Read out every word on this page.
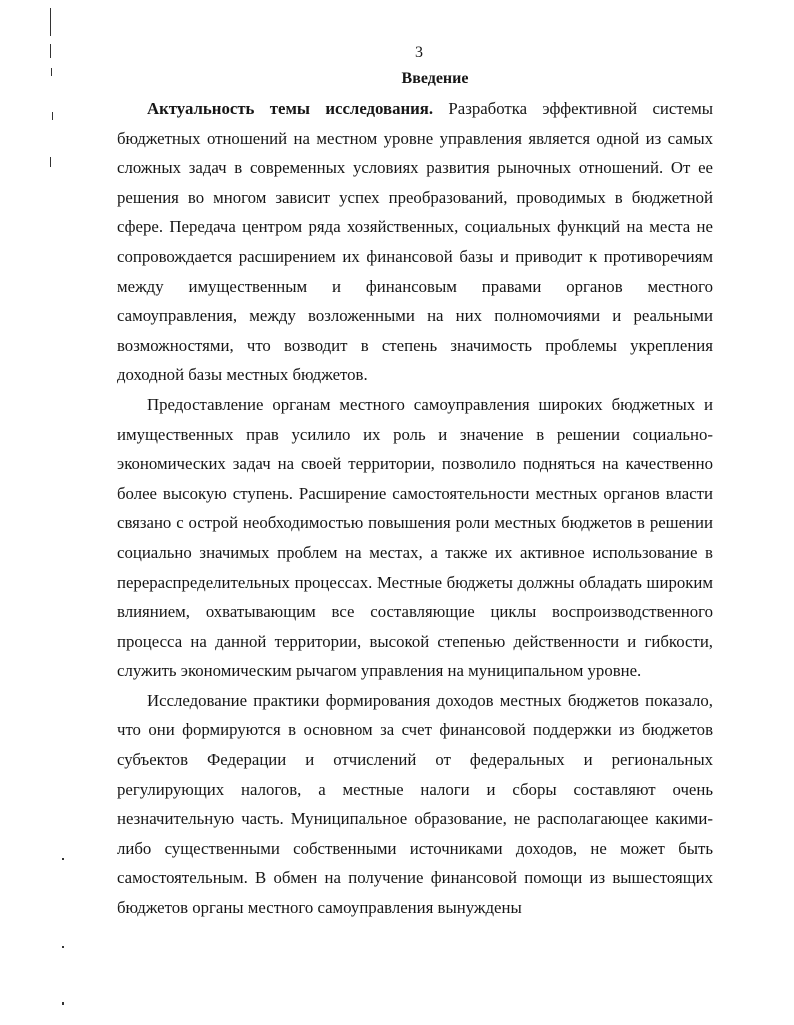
3
Введение

Актуальность темы исследования. Разработка эффективной системы бюджетных отношений на местном уровне управления является одной из самых сложных задач в современных условиях развития рыночных отношений. От ее решения во многом зависит успех преобразований, проводимых в бюджетной сфере. Передача центром ряда хозяйственных, социальных функций на места не сопровождается расширением их финансовой базы и приводит к противоречиям между имущественным и финансовым правами органов местного самоуправления, между возложенными на них полномочиями и реальными возможностями, что возводит в степень значимость проблемы укрепления доходной базы местных бюджетов.

Предоставление органам местного самоуправления широких бюджетных и имущественных прав усилило их роль и значение в решении социально-экономических задач на своей территории, позволило подняться на качественно более высокую ступень. Расширение самостоятельности местных органов власти связано с острой необходимостью повышения роли местных бюджетов в решении социально значимых проблем на местах, а также их активное использование в перераспределительных процессах. Местные бюджеты должны обладать широким влиянием, охватывающим все составляющие циклы воспроизводственного процесса на данной территории, высокой степенью действенности и гибкости, служить экономическим рычагом управления на муниципальном уровне.

Исследование практики формирования доходов местных бюджетов показало, что они формируются в основном за счет финансовой поддержки из бюджетов субъектов Федерации и отчислений от федеральных и региональных регулирующих налогов, а местные налоги и сборы составляют очень незначительную часть. Муниципальное образование, не располагающее какими-либо существенными собственными источниками доходов, не может быть самостоятельным. В обмен на получение финансовой помощи из вышестоящих бюджетов органы местного самоуправления вынуждены
